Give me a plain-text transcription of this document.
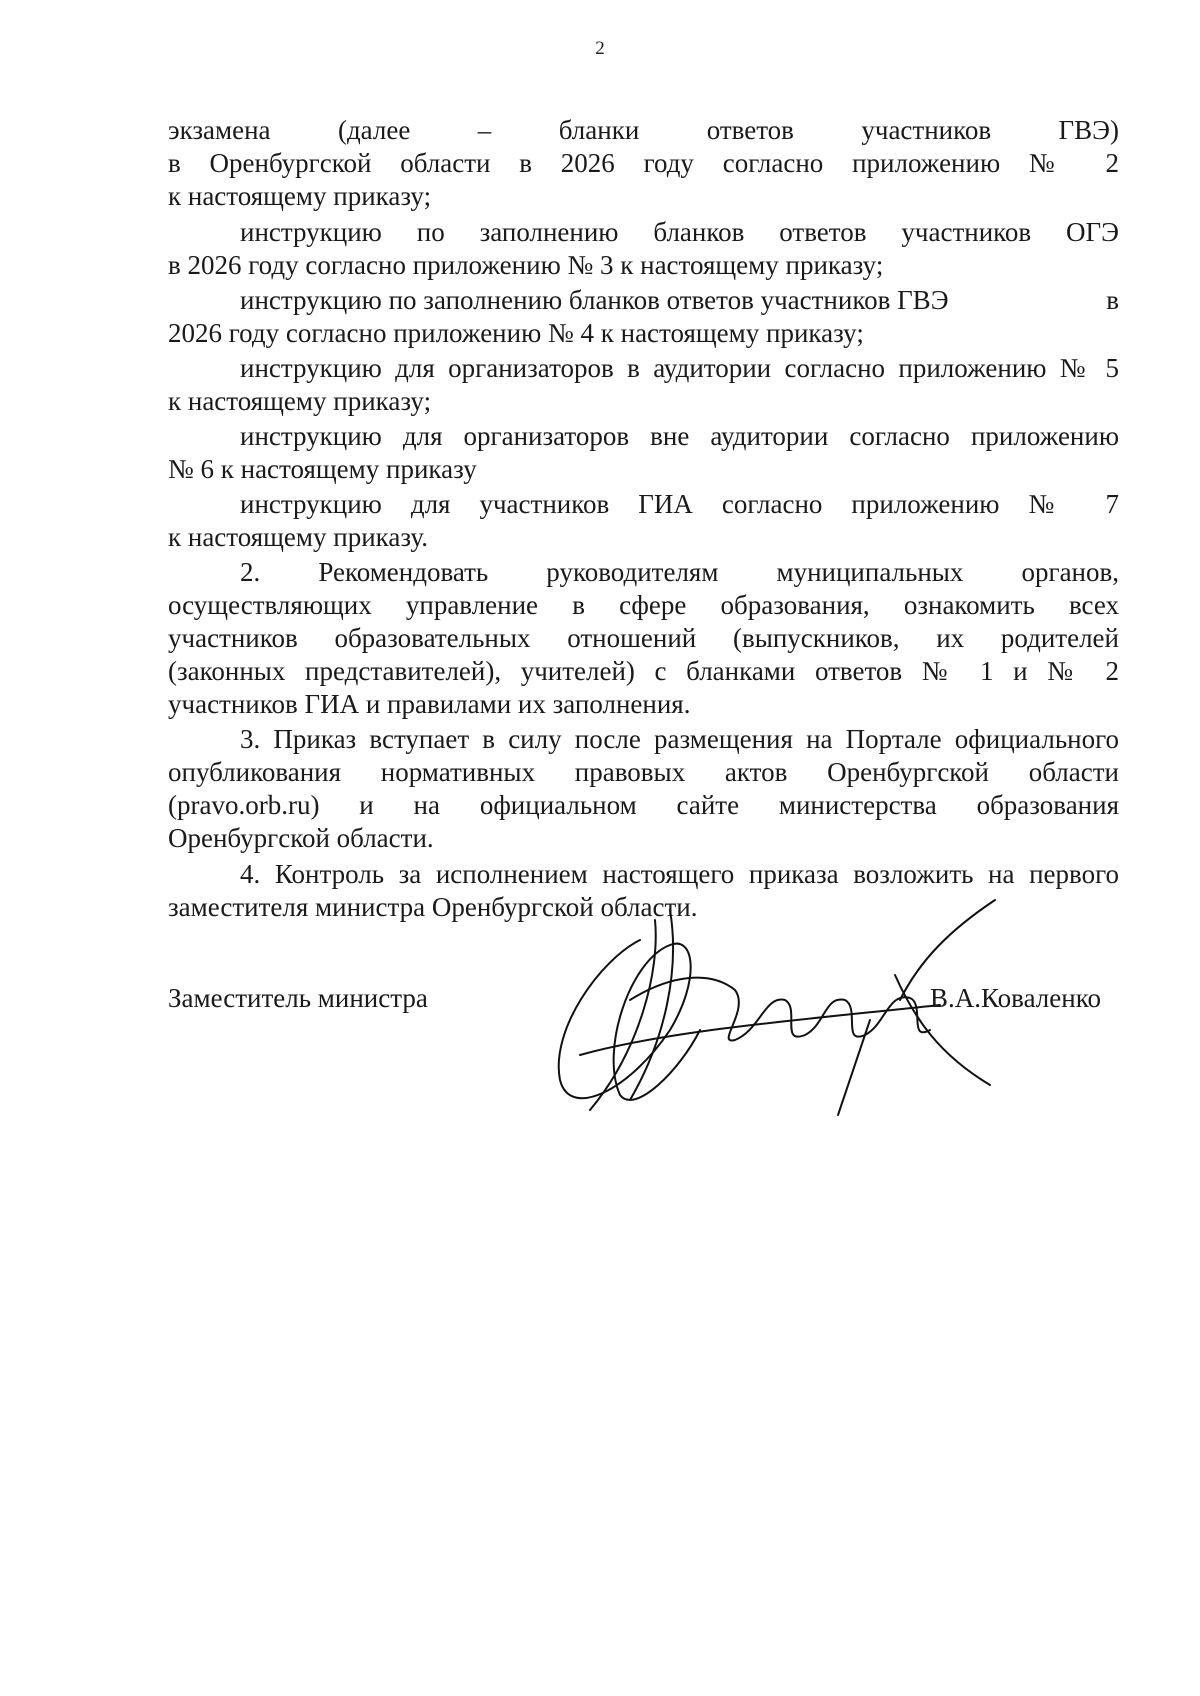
2
экзамена (далее – бланки ответов участников ГВЭ)
в Оренбургской области в 2026 году согласно приложению № 2
к настоящему приказу;
инструкцию по заполнению бланков ответов участников ОГЭ
в 2026 году согласно приложению № 3 к настоящему приказу;
инструкцию по заполнению бланков ответов участников ГВЭ	в
2026 году согласно приложению № 4 к настоящему приказу;
инструкцию для организаторов в аудитории согласно приложению № 5
к настоящему приказу;
инструкцию для организаторов вне аудитории согласно приложению
№ 6 к настоящему приказу
инструкцию для участников ГИА согласно приложению № 7
к настоящему приказу.
2. Рекомендовать руководителям муниципальных органов,
осуществляющих управление в сфере образования, ознакомить всех
участников образовательных отношений (выпускников, их родителей
(законных представителей), учителей) с бланками ответов № 1 и № 2
участников ГИА и правилами их заполнения.
3. Приказ вступает в силу после размещения на Портале официального
опубликования нормативных правовых актов Оренбургской области
(pravo.orb.ru) и на официальном сайте министерства образования
Оренбургской области.
4. Контроль за исполнением настоящего приказа возложить на первого
заместителя министра Оренбургской области.
Заместитель министра	В.А.Коваленко
